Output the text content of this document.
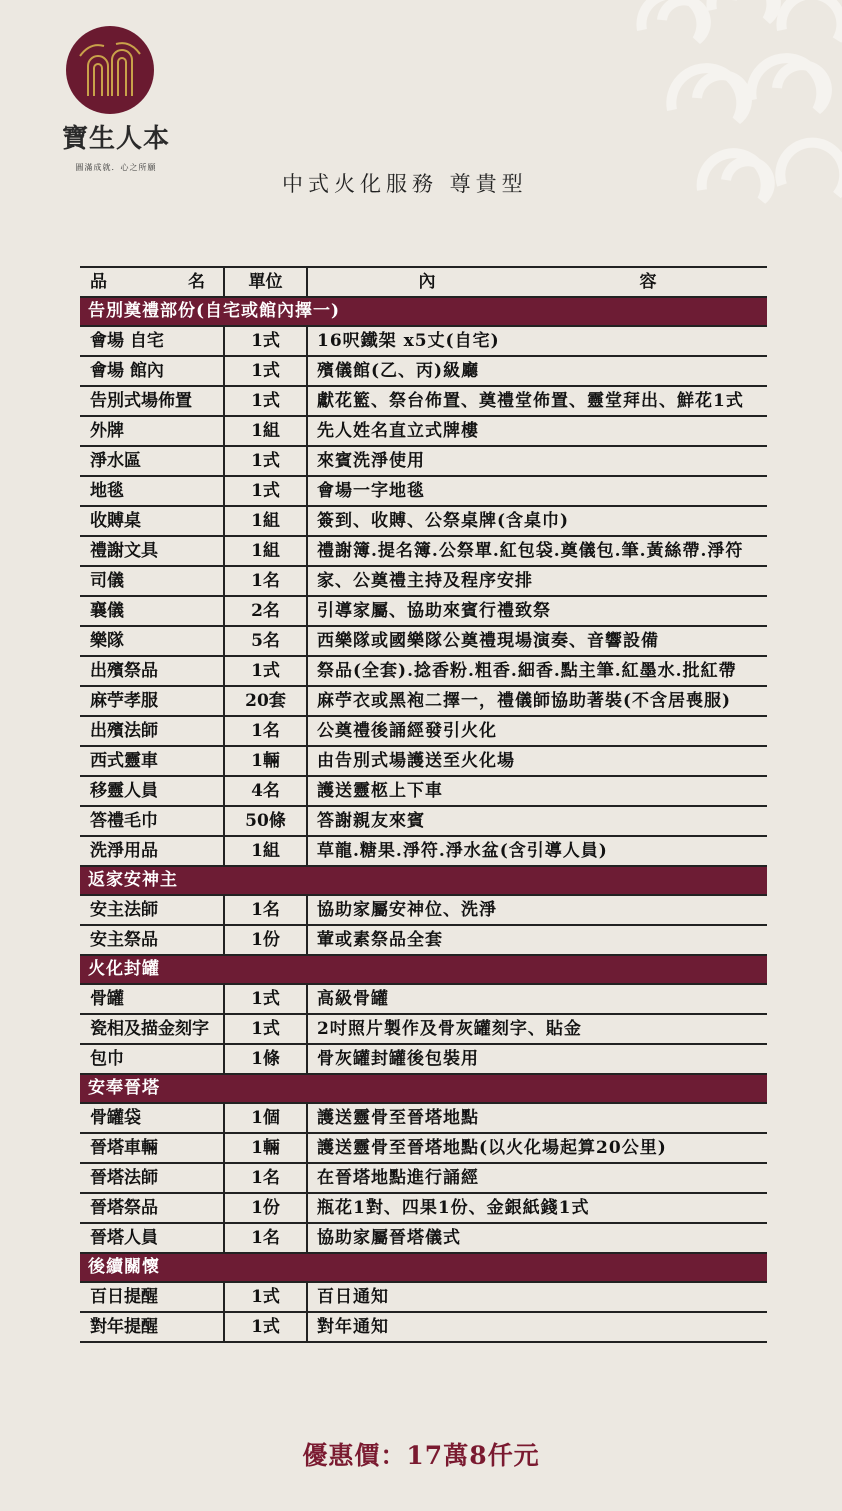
寶生人本
圓滿成就．心之所願
中式火化服務 尊貴型
品	名	單位	內	容
告別奠禮部份(自宅或館內擇一)
會場 自宅	1式	16呎鐵架 x5丈(自宅)
會場 館內	1式	殯儀館(乙、丙)級廳
告別式場佈置	1式	獻花籃、祭台佈置、奠禮堂佈置、靈堂拜出、鮮花1式
外牌	1組	先人姓名直立式牌樓
淨水區	1式	來賓洗淨使用
地毯	1式	會場一字地毯
收賻桌	1組	簽到、收賻、公祭桌牌(含桌巾)
禮謝文具	1組	禮謝簿.提名簿.公祭單.紅包袋.奠儀包.筆.黃絲帶.淨符
司儀	1名	家、公奠禮主持及程序安排
襄儀	2名	引導家屬、協助來賓行禮致祭
樂隊	5名	西樂隊或國樂隊公奠禮現場演奏、音響設備
出殯祭品	1式	祭品(全套).捻香粉.粗香.細香.點主筆.紅墨水.批紅帶
麻苧孝服	20套	麻苧衣或黑袍二擇一，禮儀師協助著裝(不含居喪服)
出殯法師	1名	公奠禮後誦經發引火化
西式靈車	1輛	由告別式場護送至火化場
移靈人員	4名	護送靈柩上下車
答禮毛巾	50條	答謝親友來賓
洗淨用品	1組	草龍.糖果.淨符.淨水盆(含引導人員)
返家安神主
安主法師	1名	協助家屬安神位、洗淨
安主祭品	1份	葷或素祭品全套
火化封罐
骨罐	1式	高級骨罐
瓷相及描金刻字	1式	2吋照片製作及骨灰罐刻字、貼金
包巾	1條	骨灰罐封罐後包裝用
安奉晉塔
骨罐袋	1個	護送靈骨至晉塔地點
晉塔車輛	1輛	護送靈骨至晉塔地點(以火化場起算20公里)
晉塔法師	1名	在晉塔地點進行誦經
晉塔祭品	1份	瓶花1對、四果1份、金銀紙錢1式
晉塔人員	1名	協助家屬晉塔儀式
後續關懷
百日提醒	1式	百日通知
對年提醒	1式	對年通知
優惠價：17萬8仟元
